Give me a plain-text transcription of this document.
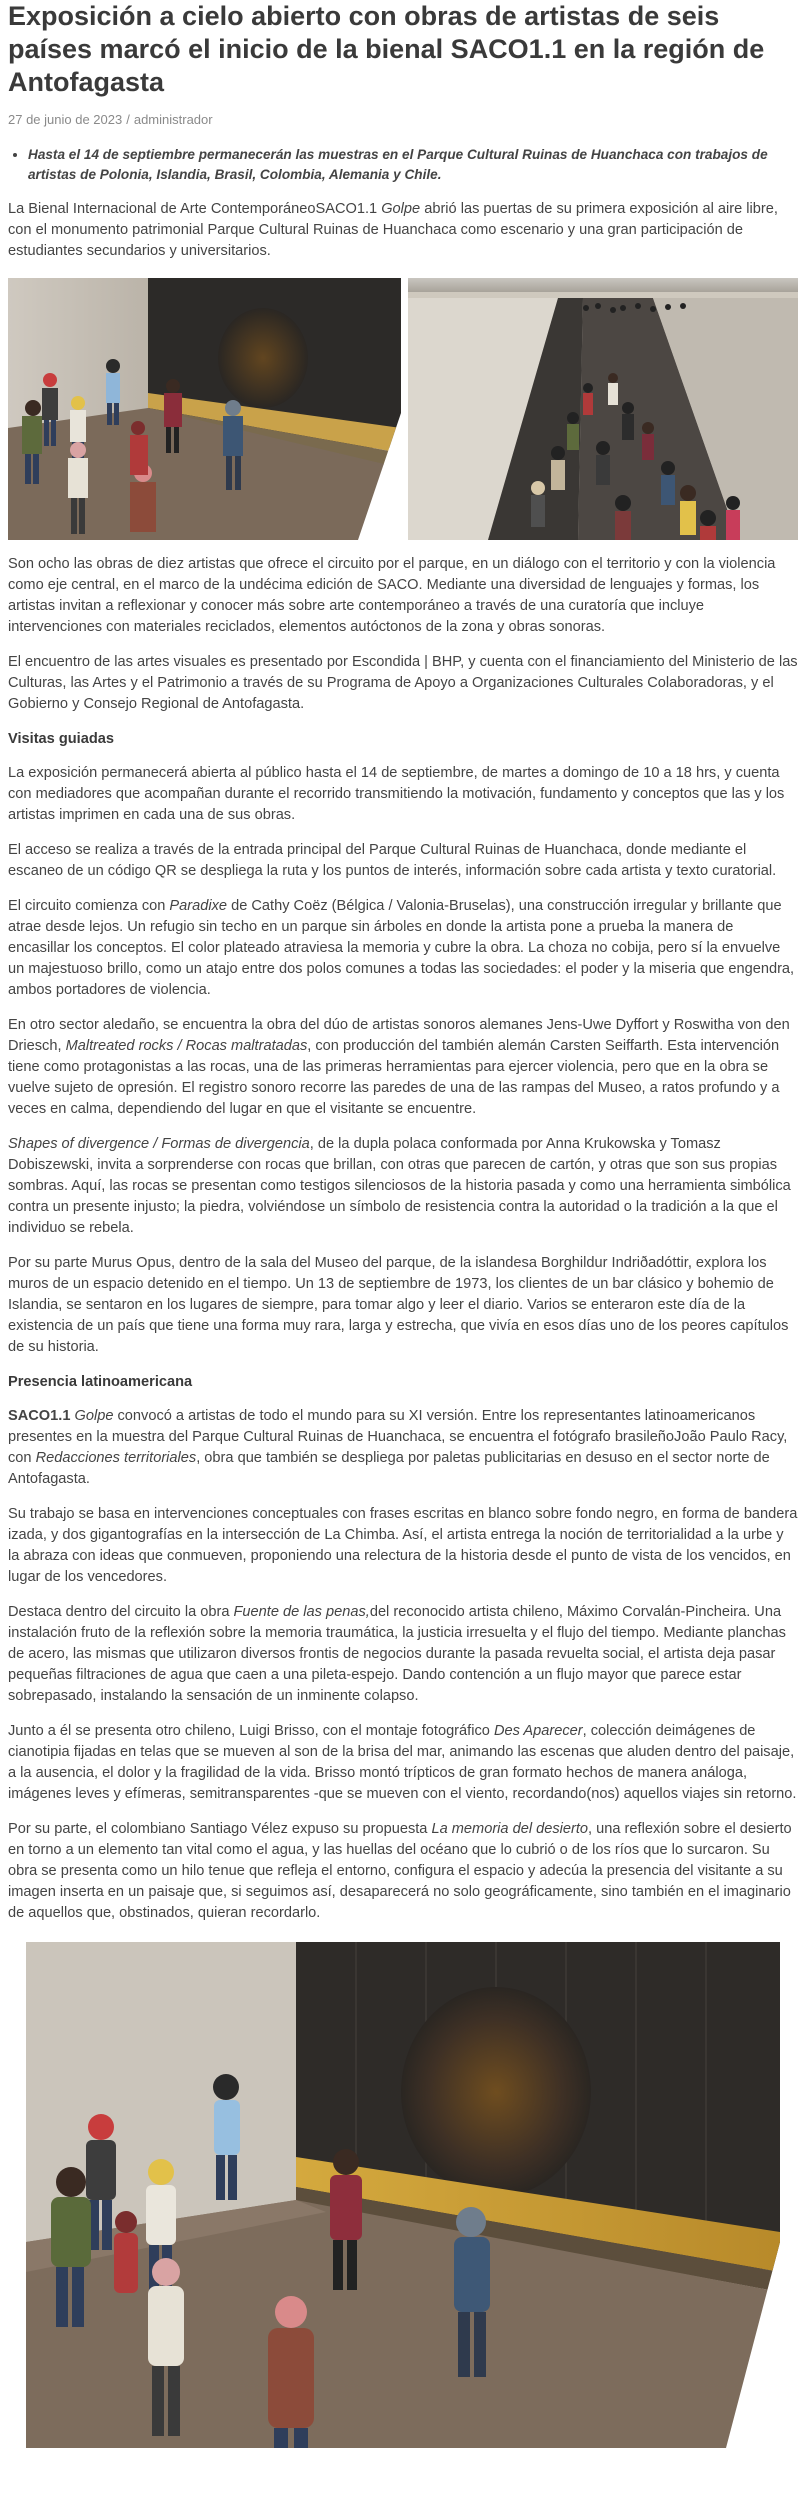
Exposición a cielo abierto con obras de artistas de seis países marcó el inicio de la bienal SACO1.1 en la región de Antofagasta
27 de junio de 2023 / administrador
• Hasta el 14 de septiembre permanecerán las muestras en el Parque Cultural Ruinas de Huanchaca con trabajos de artistas de Polonia, Islandia, Brasil, Colombia, Alemania y Chile.

La Bienal Internacional de Arte ContemporáneoSACO1.1 Golpe abrió las puertas de su primera exposición al aire libre, con el monumento patrimonial Parque Cultural Ruinas de Huanchaca como escenario y una gran participación de estudiantes secundarios y universitarios.

Son ocho las obras de diez artistas que ofrece el circuito por el parque, en un diálogo con el territorio y con la violencia como eje central, en el marco de la undécima edición de SACO. Mediante una diversidad de lenguajes y formas, los artistas invitan a reflexionar y conocer más sobre arte contemporáneo a través de una curatoría que incluye intervenciones con materiales reciclados, elementos autóctonos de la zona y obras sonoras.

El encuentro de las artes visuales es presentado por Escondida | BHP, y cuenta con el financiamiento del Ministerio de las Culturas, las Artes y el Patrimonio a través de su Programa de Apoyo a Organizaciones Culturales Colaboradoras, y el Gobierno y Consejo Regional de Antofagasta.

Visitas guiadas

La exposición permanecerá abierta al público hasta el 14 de septiembre, de martes a domingo de 10 a 18 hrs, y cuenta con mediadores que acompañan durante el recorrido transmitiendo la motivación, fundamento y conceptos que las y los artistas imprimen en cada una de sus obras.

El acceso se realiza a través de la entrada principal del Parque Cultural Ruinas de Huanchaca, donde mediante el escaneo de un código QR se despliega la ruta y los puntos de interés, información sobre cada artista y texto curatorial.

El circuito comienza con Paradixe de Cathy Coëz (Bélgica / Valonia-Bruselas), una construcción irregular y brillante que atrae desde lejos. Un refugio sin techo en un parque sin árboles en donde la artista pone a prueba la manera de encasillar los conceptos. El color plateado atraviesa la memoria y cubre la obra. La choza no cobija, pero sí la envuelve un majestuoso brillo, como un atajo entre dos polos comunes a todas las sociedades: el poder y la miseria que engendra, ambos portadores de violencia.

En otro sector aledaño, se encuentra la obra del dúo de artistas sonoros alemanes Jens-Uwe Dyffort y Roswitha von den Driesch, Maltreated rocks / Rocas maltratadas, con producción del también alemán Carsten Seiffarth. Esta intervención tiene como protagonistas a las rocas, una de las primeras herramientas para ejercer violencia, pero que en la obra se vuelve sujeto de opresión. El registro sonoro recorre las paredes de una de las rampas del Museo, a ratos profundo y a veces en calma, dependiendo del lugar en que el visitante se encuentre.

Shapes of divergence / Formas de divergencia, de la dupla polaca conformada por Anna Krukowska y Tomasz Dobiszewski, invita a sorprenderse con rocas que brillan, con otras que parecen de cartón, y otras que son sus propias sombras. Aquí, las rocas se presentan como testigos silenciosos de la historia pasada y como una herramienta simbólica contra un presente injusto; la piedra, volviéndose un símbolo de resistencia contra la autoridad o la tradición a la que el individuo se rebela.

Por su parte Murus Opus, dentro de la sala del Museo del parque, de la islandesa Borghildur Indriðadóttir, explora los muros de un espacio detenido en el tiempo. Un 13 de septiembre de 1973, los clientes de un bar clásico y bohemio de Islandia, se sentaron en los lugares de siempre, para tomar algo y leer el diario. Varios se enteraron este día de la existencia de un país que tiene una forma muy rara, larga y estrecha, que vivía en esos días uno de los peores capítulos de su historia.

Presencia latinoamericana

SACO1.1 Golpe convocó a artistas de todo el mundo para su XI versión. Entre los representantes latinoamericanos presentes en la muestra del Parque Cultural Ruinas de Huanchaca, se encuentra el fotógrafo brasileñoJoão Paulo Racy, con Redacciones territoriales, obra que también se despliega por paletas publicitarias en desuso en el sector norte de Antofagasta.

Su trabajo se basa en intervenciones conceptuales con frases escritas en blanco sobre fondo negro, en forma de bandera izada, y dos gigantografías en la intersección de La Chimba. Así, el artista entrega la noción de territorialidad a la urbe y la abraza con ideas que conmueven, proponiendo una relectura de la historia desde el punto de vista de los vencidos, en lugar de los vencedores.

Destaca dentro del circuito la obra Fuente de las penas,del reconocido artista chileno, Máximo Corvalán-Pincheira. Una instalación fruto de la reflexión sobre la memoria traumática, la justicia irresuelta y el flujo del tiempo. Mediante planchas de acero, las mismas que utilizaron diversos frontis de negocios durante la pasada revuelta social, el artista deja pasar pequeñas filtraciones de agua que caen a una pileta-espejo. Dando contención a un flujo mayor que parece estar sobrepasado, instalando la sensación de un inminente colapso.

Junto a él se presenta otro chileno, Luigi Brisso, con el montaje fotográfico Des Aparecer, colección deimágenes de cianotipia fijadas en telas que se mueven al son de la brisa del mar, animando las escenas que aluden dentro del paisaje, a la ausencia, el dolor y la fragilidad de la vida. Brisso montó trípticos de gran formato hechos de manera análoga, imágenes leves y efímeras, semitransparentes -que se mueven con el viento, recordando(nos) aquellos viajes sin retorno.

Por su parte, el colombiano Santiago Vélez expuso su propuesta La memoria del desierto, una reflexión sobre el desierto en torno a un elemento tan vital como el agua, y las huellas del océano que lo cubrió o de los ríos que lo surcaron. Su obra se presenta como un hilo tenue que refleja el entorno, configura el espacio y adecúa la presencia del visitante a su imagen inserta en un paisaje que, si seguimos así, desaparecerá no solo geográficamente, sino también en el imaginario de aquellos que, obstinados, quieran recordarlo.
